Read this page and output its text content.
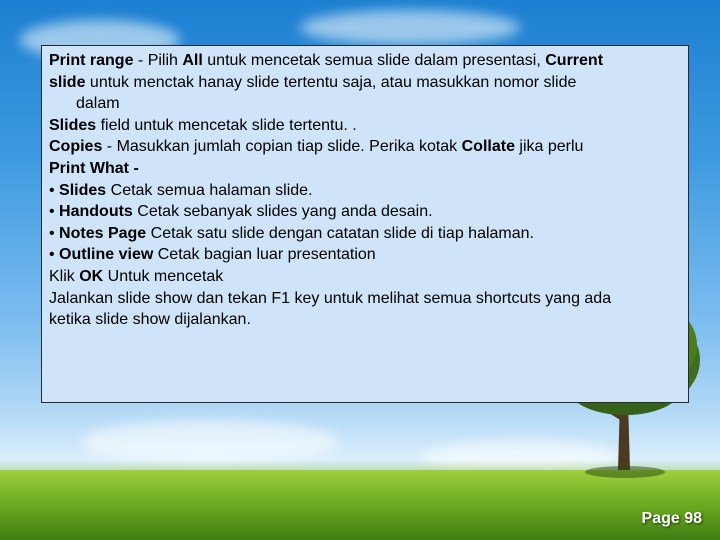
Print range - Pilih All untuk mencetak semua slide dalam presentasi, Current
slide untuk menctak hanay slide tertentu saja, atau masukkan nomor slide
dalam
Slides field untuk mencetak slide tertentu. .
Copies - Masukkan jumlah copian tiap slide. Perika kotak Collate jika perlu
Print What -
• Slides Cetak semua halaman slide.
• Handouts Cetak sebanyak slides yang anda desain.
• Notes Page Cetak satu slide dengan catatan slide di tiap halaman.
• Outline view Cetak bagian luar presentation
Klik OK Untuk mencetak
Jalankan slide show dan tekan F1 key untuk melihat semua shortcuts yang ada
ketika slide show dijalankan.
Page 98
